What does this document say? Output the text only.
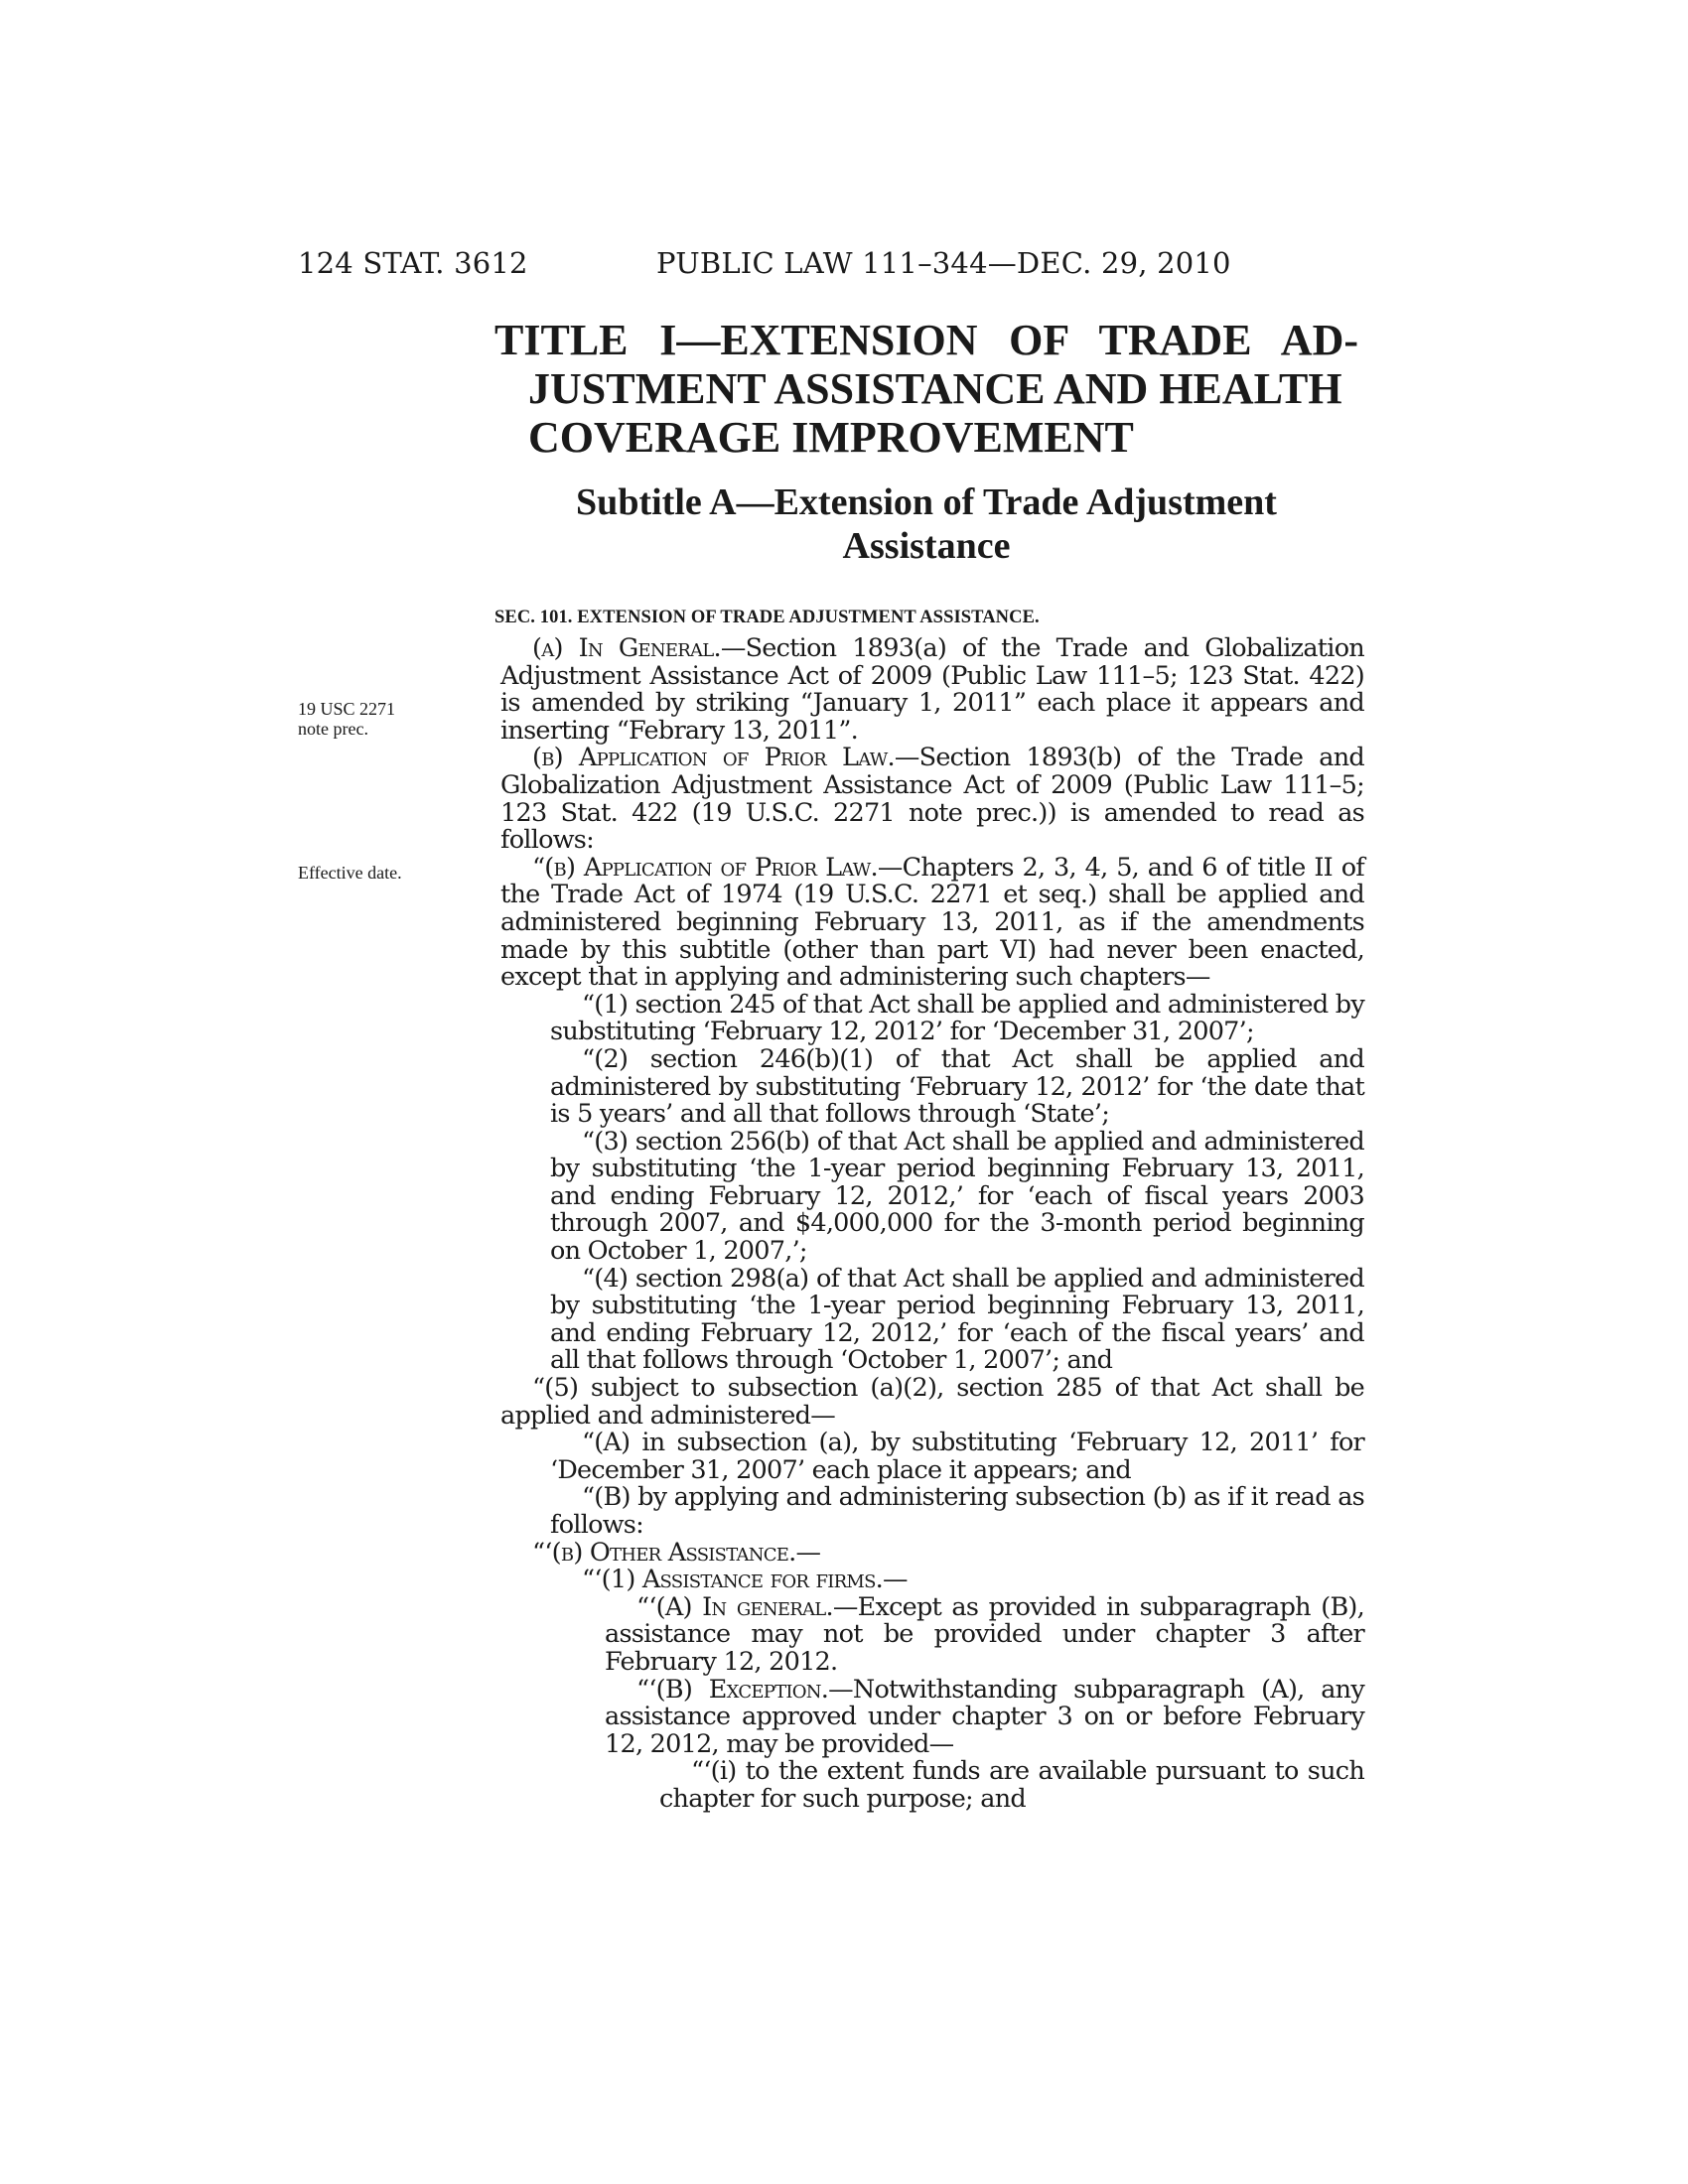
124 STAT. 3612	PUBLIC LAW 111–344—DEC. 29, 2010
TITLE I—EXTENSION OF TRADE AD-
JUSTMENT ASSISTANCE AND HEALTH
COVERAGE IMPROVEMENT
Subtitle A—Extension of Trade Adjustment
Assistance
SEC. 101. EXTENSION OF TRADE ADJUSTMENT ASSISTANCE.
19 USC 2271
note prec.
Effective date.

(a) In General.—Section 1893(a) of the Trade and Globalization Adjustment Assistance Act of 2009 (Public Law 111–5; 123 Stat. 422) is amended by striking “January 1, 2011” each place it appears and inserting “Febrary 13, 2011”.

(b) Application of Prior Law.—Section 1893(b) of the Trade and Globalization Adjustment Assistance Act of 2009 (Public Law 111–5; 123 Stat. 422 (19 U.S.C. 2271 note prec.)) is amended to read as follows:

“(b) Application of Prior Law.—Chapters 2, 3, 4, 5, and 6 of title II of the Trade Act of 1974 (19 U.S.C. 2271 et seq.) shall be applied and administered beginning February 13, 2011, as if the amendments made by this subtitle (other than part VI) had never been enacted, except that in applying and administering such chapters—

“(1) section 245 of that Act shall be applied and administered by substituting ‘February 12, 2012’ for ‘December 31, 2007’;

“(2) section 246(b)(1) of that Act shall be applied and administered by substituting ‘February 12, 2012’ for ‘the date that is 5 years’ and all that follows through ‘State’;

“(3) section 256(b) of that Act shall be applied and administered by substituting ‘the 1-year period beginning February 13, 2011, and ending February 12, 2012,’ for ‘each of fiscal years 2003 through 2007, and $4,000,000 for the 3-month period beginning on October 1, 2007,’;

“(4) section 298(a) of that Act shall be applied and administered by substituting ‘the 1-year period beginning February 13, 2011, and ending February 12, 2012,’ for ‘each of the fiscal years’ and all that follows through ‘October 1, 2007’; and

“(5) subject to subsection (a)(2), section 285 of that Act shall be applied and administered—

“(A) in subsection (a), by substituting ‘February 12, 2011’ for ‘December 31, 2007’ each place it appears; and

“(B) by applying and administering subsection (b) as if it read as follows:

“‘(b) Other Assistance.—

“‘(1) Assistance for firms.—

“‘(A) In general.—Except as provided in subparagraph (B), assistance may not be provided under chapter 3 after February 12, 2012.

“‘(B) Exception.—Notwithstanding subparagraph (A), any assistance approved under chapter 3 on or before February 12, 2012, may be provided—

“‘(i) to the extent funds are available pursuant to such chapter for such purpose; and
